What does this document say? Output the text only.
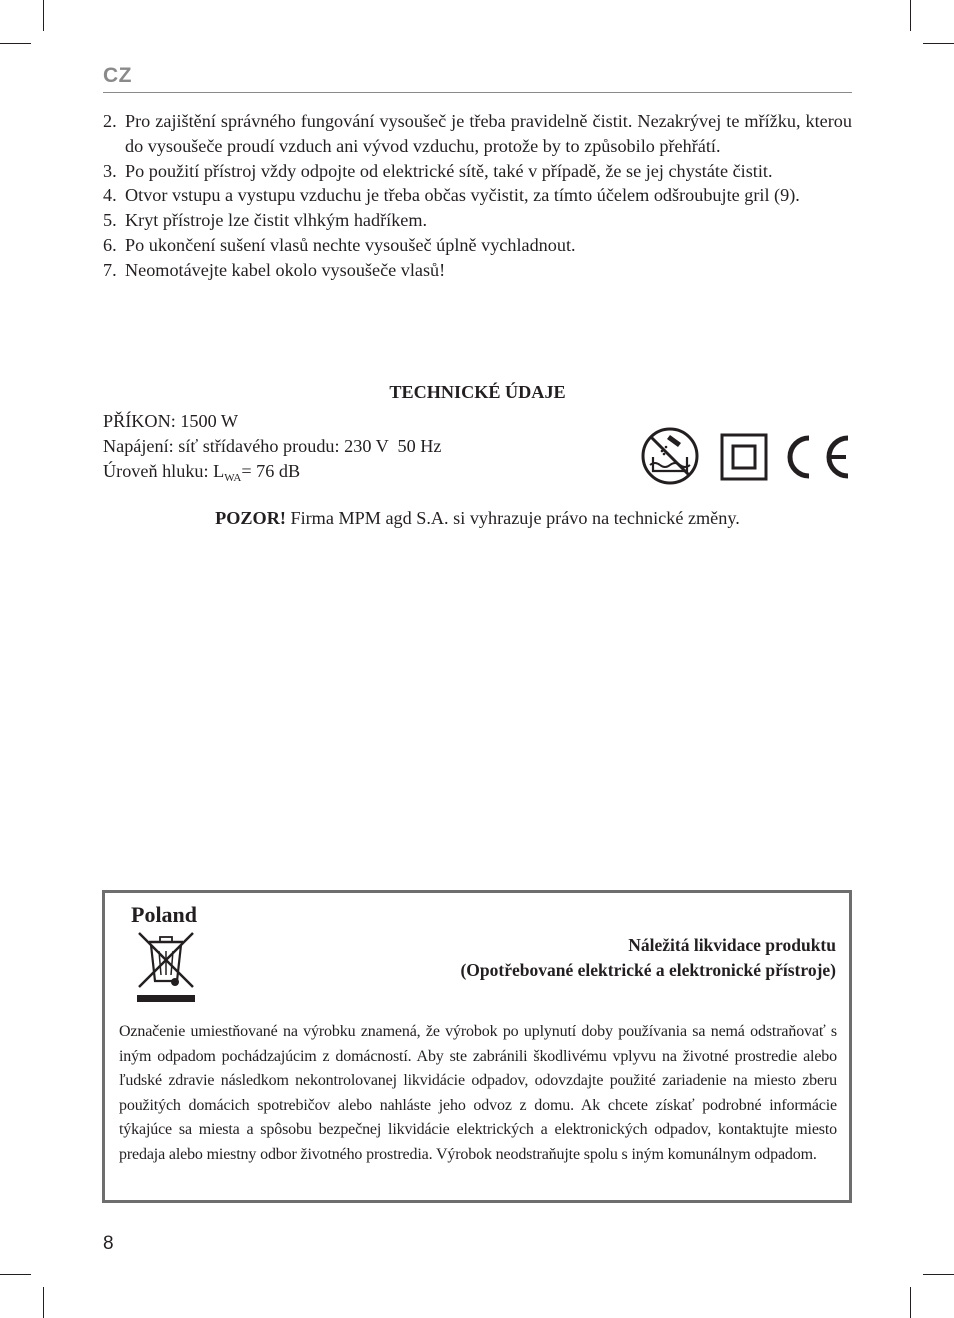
CZ
2. Pro zajištění správného fungování vysoušeč je třeba pravidelně čistit. Nezakrývej te mřížku, kterou do vysoušeče proudí vzduch ani vývod vzduchu, protože by to způsobilo přehřátí.
3. Po použití přístroj vždy odpojte od elektrické sítě, také v případě, že se jej chystáte čistit.
4. Otvor vstupu a vystupu vzduchu je třeba občas vyčistit, za tímto účelem odšroubujte gril (9).
5. Kryt přístroje lze čistit vlhkým hadříkem.
6. Po ukončení sušení vlasů nechte vysoušeč úplně vychladnout.
7. Neomotávejte kabel okolo vysoušeče vlasů!
TECHNICKÉ ÚDAJE
PŘÍKON: 1500 W
Napájení: síť střídavého proudu: 230 V  50 Hz
Úroveň hluku: $L_{WA}= 76$ dB
POZOR! Firma MPM agd S.A. si vyhrazuje právo na technické změny.
Poland
Náležitá likvidace produktu
(Opotřebované elektrické a elektronické přístroje)
Označenie umiestňované na výrobku znamená, že výrobok po uplynutí doby používania sa nemá odstraňovať s iným odpadom pochádzajúcim z domácností. Aby ste zabránili škodlivému vplyvu na životné prostredie alebo ľudské zdravie následkom nekontrolovanej likvidácie odpadov, odovzdajte použité zariadenie na miesto zberu použitých domácich spotrebičov alebo nahláste jeho odvoz z domu. Ak chcete získať podrobné informácie týkajúce sa miesta a spôsobu bezpečnej likvidácie elektrických a elektronických odpadov, kontaktujte miesto predaja alebo miestny odbor životného prostredia. Výrobok neodstraňujte spolu s iným komunálnym odpadom.
8
